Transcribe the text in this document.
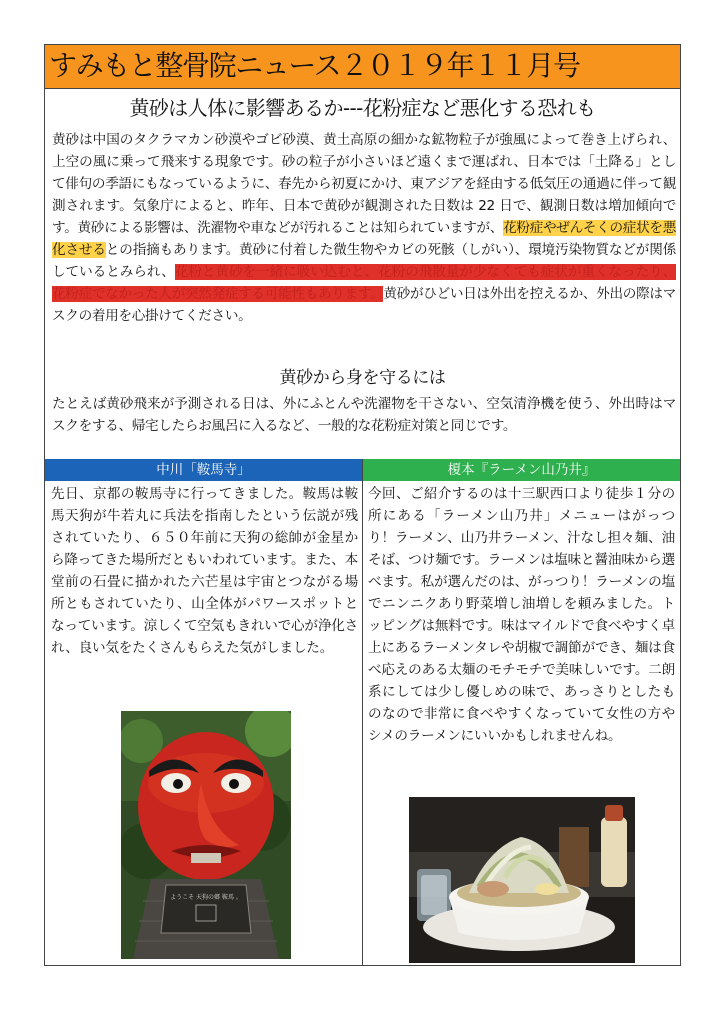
すみもと整骨院ニュース２０１９年１１月号
黄砂は人体に影響あるか---花粉症など悪化する恐れも

黄砂は中国のタクラマカン砂漠やゴビ砂漠、黄土高原の細かな鉱物粒子が強風によって巻き上げられ、上空の風に乗って飛来する現象です。砂の粒子が小さいほど遠くまで運ばれ、日本では「土降る」として俳句の季語にもなっているように、春先から初夏にかけ、東アジアを経由する低気圧の通過に伴って観測されます。気象庁によると、昨年、日本で黄砂が観測された日数は 22 日で、観測日数は増加傾向です。黄砂による影響は、洗濯物や車などが汚れることは知られていますが、花粉症やぜんそくの症状を悪化させるとの指摘もあります。黄砂に付着した微生物やカビの死骸（しがい）、環境汚染物質などが関係しているとみられ、花粉と黄砂を一緒に吸い込むと、花粉の飛散量が少なくても症状が重くなったり、花粉症でなかった人が突然発症する可能性もあります。黄砂がひどい日は外出を控えるか、外出の際はマスクの着用を心掛けてください。

黄砂から身を守るには

たとえば黄砂飛来が予測される日は、外にふとんや洗濯物を干さない、空気清浄機を使う、外出時はマスクをする、帰宅したらお風呂に入るなど、一般的な花粉症対策と同じです。

中川「鞍馬寺」	榎本『ラーメン山乃井』

先日、京都の鞍馬寺に行ってきました。鞍馬は鞍馬天狗が牛若丸に兵法を指南したという伝説が残されていたり、６５０年前に天狗の総帥が金星から降ってきた場所だともいわれています。また、本堂前の石畳に描かれた六芒星は宇宙とつながる場所ともされていたり、山全体がパワースポットとなっています。涼しくて空気もきれいで心が浄化され、良い気をたくさんもらえた気がしました。

今回、ご紹介するのは十三駅西口より徒歩１分の所にある「ラーメン山乃井」メニューはがっつり！ラーメン、山乃井ラーメン、汁なし担々麺、油そば、つけ麺です。ラーメンは塩味と醤油味から選べます。私が選んだのは、がっつり！ラーメンの塩でニンニクあり野菜増し油増しを頼みました。トッピングは無料です。味はマイルドで食べやすく卓上にあるラーメンタレや胡椒で調節ができ、麺は食べ応えのある太麺のモチモチで美味しいです。二朗系にしては少し優しめの味で、あっさりとしたものなので非常に食べやすくなっていて女性の方やシメのラーメンにいいかもしれませんね。

ようこそ 天狗の郷 鞍馬 。
